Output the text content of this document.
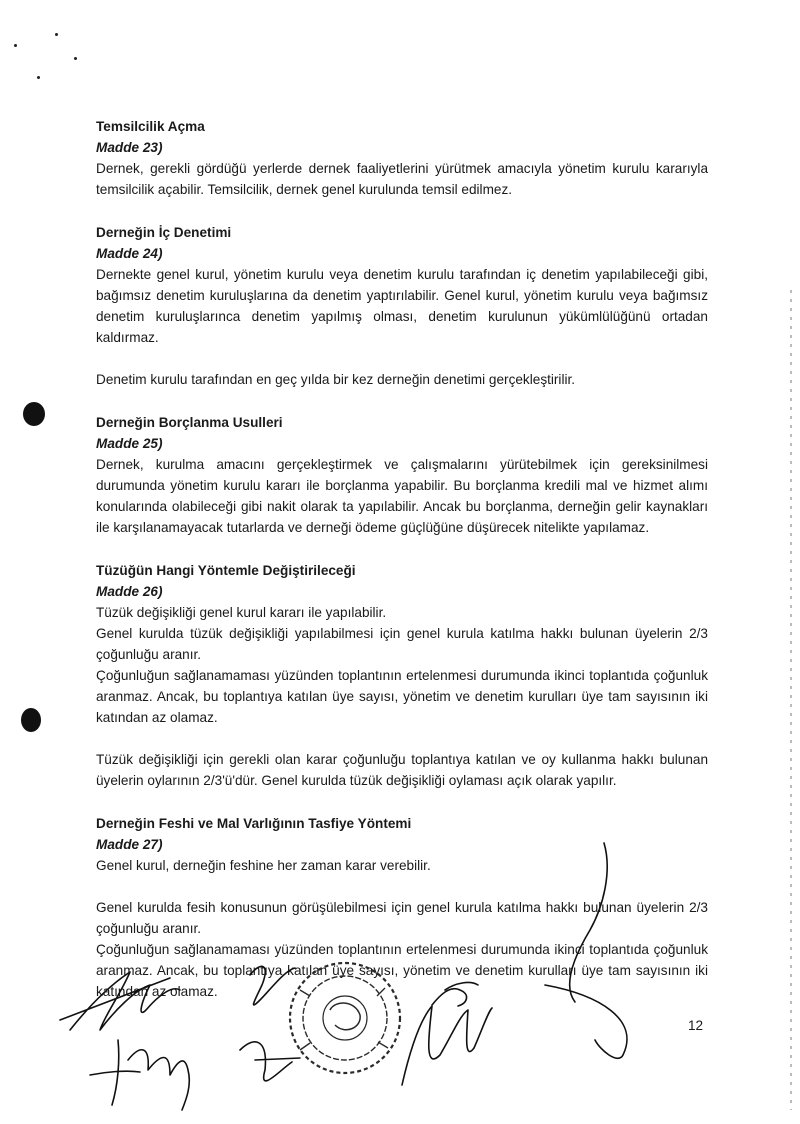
Temsilcilik Açma

Madde 23)

Dernek, gerekli gördüğü yerlerde dernek faaliyetlerini yürütmek amacıyla yönetim kurulu kararıyla temsilcilik açabilir. Temsilcilik, dernek genel kurulunda temsil edilmez.

Derneğin İç Denetimi

Madde 24)

Dernekte genel kurul, yönetim kurulu veya denetim kurulu tarafından iç denetim yapılabileceği gibi, bağımsız denetim kuruluşlarına da denetim yaptırılabilir. Genel kurul, yönetim kurulu veya bağımsız denetim kuruluşlarınca denetim yapılmış olması, denetim kurulunun yükümlülüğünü ortadan kaldırmaz.

Denetim kurulu tarafından en geç yılda bir kez derneğin denetimi gerçekleştirilir.

Derneğin Borçlanma Usulleri

Madde 25)

Dernek, kurulma amacını gerçekleştirmek ve çalışmalarını yürütebilmek için gereksinilmesi durumunda yönetim kurulu kararı ile borçlanma yapabilir. Bu borçlanma kredili mal ve hizmet alımı konularında olabileceği gibi nakit olarak ta yapılabilir. Ancak bu borçlanma, derneğin gelir kaynakları ile karşılanamayacak tutarlarda ve derneği ödeme güçlüğüne düşürecek nitelikte yapılamaz.

Tüzüğün Hangi Yöntemle Değiştirileceği

Madde 26)

Tüzük değişikliği genel kurul kararı ile yapılabilir.

Genel kurulda tüzük değişikliği yapılabilmesi için genel kurula katılma hakkı bulunan üyelerin 2/3 çoğunluğu aranır.

Çoğunluğun sağlanamaması yüzünden toplantının ertelenmesi durumunda ikinci toplantıda çoğunluk aranmaz. Ancak, bu toplantıya katılan üye sayısı, yönetim ve denetim kurulları üye tam sayısının iki katından az olamaz.

Tüzük değişikliği için gerekli olan karar çoğunluğu toplantıya katılan ve oy kullanma hakkı bulunan üyelerin oylarının 2/3'ü'dür. Genel kurulda tüzük değişikliği oylaması açık olarak yapılır.

Derneğin Feshi ve Mal Varlığının Tasfiye Yöntemi

Madde 27)

Genel kurul, derneğin feshine her zaman karar verebilir.

Genel kurulda fesih konusunun görüşülebilmesi için genel kurula katılma hakkı bulunan üyelerin 2/3 çoğunluğu aranır.

Çoğunluğun sağlanamaması yüzünden toplantının ertelenmesi durumunda ikinci toplantıda çoğunluk aranmaz. Ancak, bu toplantıya katılan üye sayısı, yönetim ve denetim kurulları üye tam sayısının iki katından az olamaz.

12
